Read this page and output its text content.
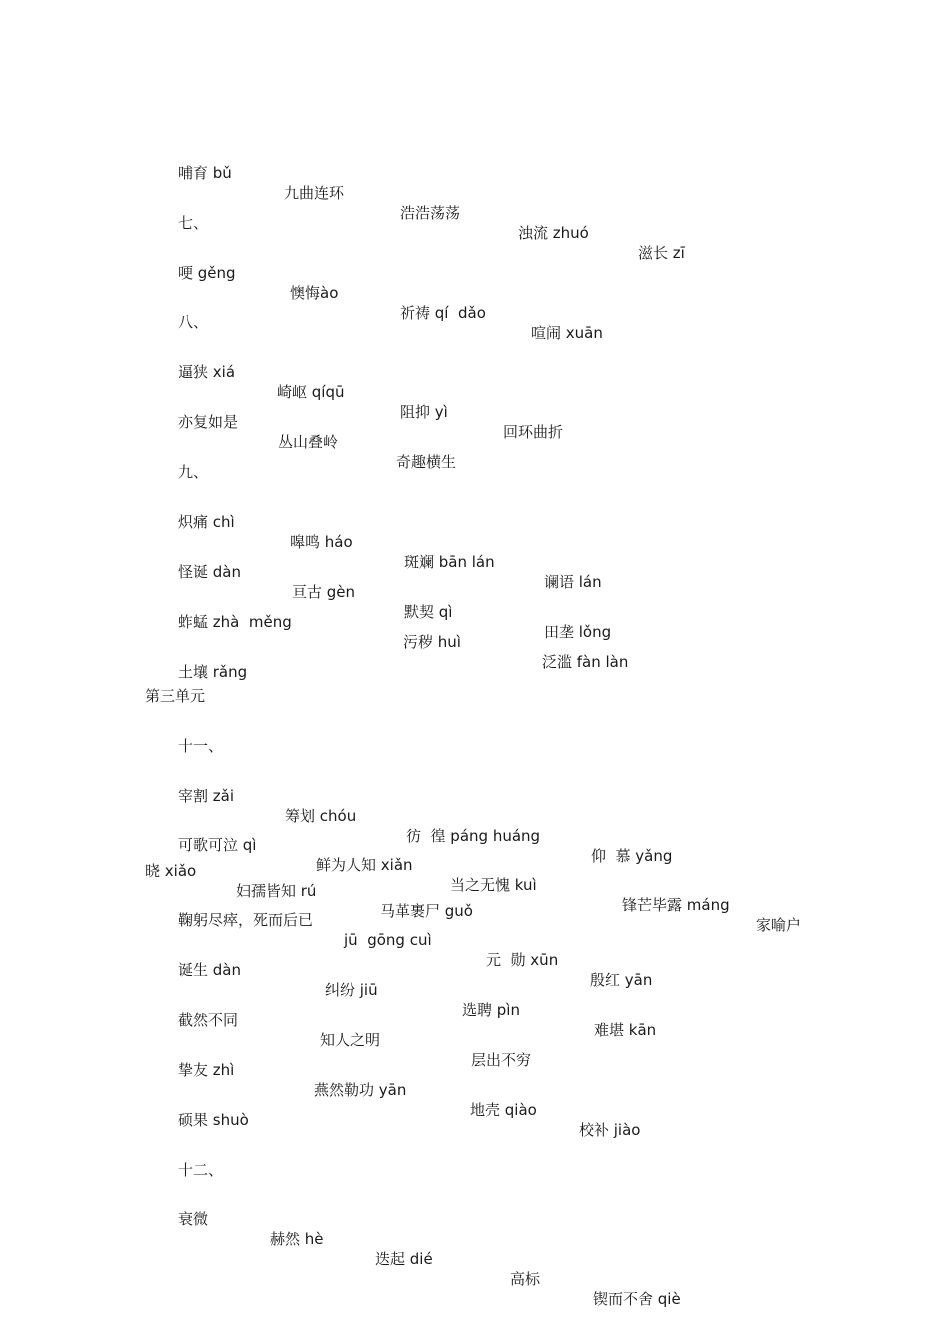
哺育 bǔ

九曲连环

浩浩荡荡

浊流 zhuó

滋长 zī

七、

哽 gěng

懊悔ào

祈祷 qí  dǎo

喧闹 xuān

八、

逼狭 xiá

崎岖 qíqū

阻抑 yì

回环曲折

亦复如是

丛山叠岭

奇趣横生

九、

炽痛 chì

嗥鸣 háo

斑斓 bān lán

谰语 lán

怪诞 dàn

亘古 gèn

默契 qì

田垄 lǒng

蚱蜢 zhà  měng

污秽 huì

泛滥 fàn làn

土壤 rǎng

第三单元

十一、

宰割 zǎi

筹划 chóu

彷  徨 páng huáng

仰  慕 yǎng

可歌可泣 qì

鲜为人知 xiǎn

当之无愧 kuì

锋芒毕露 máng

家喻户

晓 xiǎo

妇孺皆知 rú

马革裹尸 guǒ

鞠躬尽瘁，死而后已

jū  gōng cuì

元  勋 xūn

殷红 yān

诞生 dàn

纠纷 jiū

选聘 pìn

难堪 kān

截然不同

知人之明

层出不穷

挚友 zhì

燕然勒功 yān

地壳 qiào

校补 jiào

硕果 shuò

十二、

衰微

赫然 hè

迭起 dié

高标

锲而不舍 qiè
